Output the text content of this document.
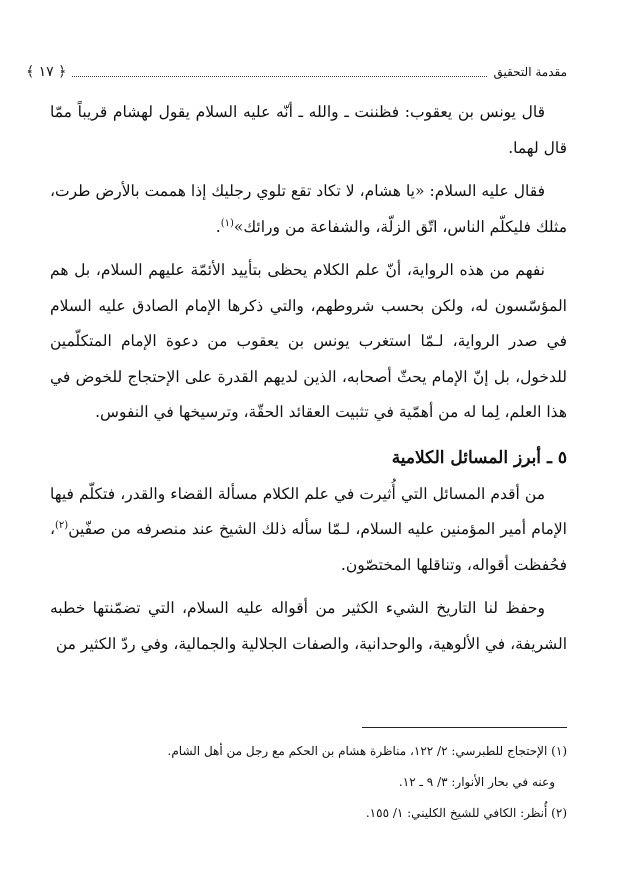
مقدمة التحقيق
﴿ ١٧ ﴾

قال يونس بن يعقوب: فظننت ـ والله ـ أنّه عليه السلام يقول لهشام قريباً ممّا قال لهما.

فقال عليه السلام: «يا هشام، لا تكاد تقع تلوي رجليك إذا هممت بالأرض طرت، مثلك فليكلّم الناس، اتّق الزلّة، والشفاعة من ورائك»$^{(١)}$.

نفهم من هذه الرواية، أنّ علم الكلام يحظى بتأييد الأئمّة عليهم السلام، بل هم المؤسّسون له، ولكن بحسب شروطهم، والتي ذكرها الإمام الصادق عليه السلام في صدر الرواية، لـمّا استغرب يونس بن يعقوب من دعوة الإمام المتكلّمين للدخول، بل إنّ الإمام يحثّ أصحابه، الذين لديهم القدرة على الإحتجاج للخوض في هذا العلم، لِما له من أهمّية في تثبيت العقائد الحقّة، وترسيخها في النفوس.

٥ ـ أبرز المسائل الكلامية

من أقدم المسائل التي أُثيرت في علم الكلام مسألة القضاء والقدر، فتكلّم فيها الإمام أمير المؤمنين عليه السلام، لـمّا سأله ذلك الشيخ عند منصرفه من صفّين$^{(٢)}$، فحُفظت أقواله، وتناقلها المختصّون.

وحفظ لنا التاريخ الشيء الكثير من أقواله عليه السلام، التي تضمّنتها خطبه الشريفة، في الألوهية، والوحدانية، والصفات الجلالية والجمالية، وفي ردّ الكثير من

(١) الإحتجاج للطبرسي: ٢/ ١٢٢، مناظرة هشام بن الحكم مع رجل من أهل الشام.
وعنه في بحار الأنوار: ٣/ ٩ ـ ١٢.
(٢) أُنظر: الكافي للشيخ الكليني: ١/ ١٥٥.
